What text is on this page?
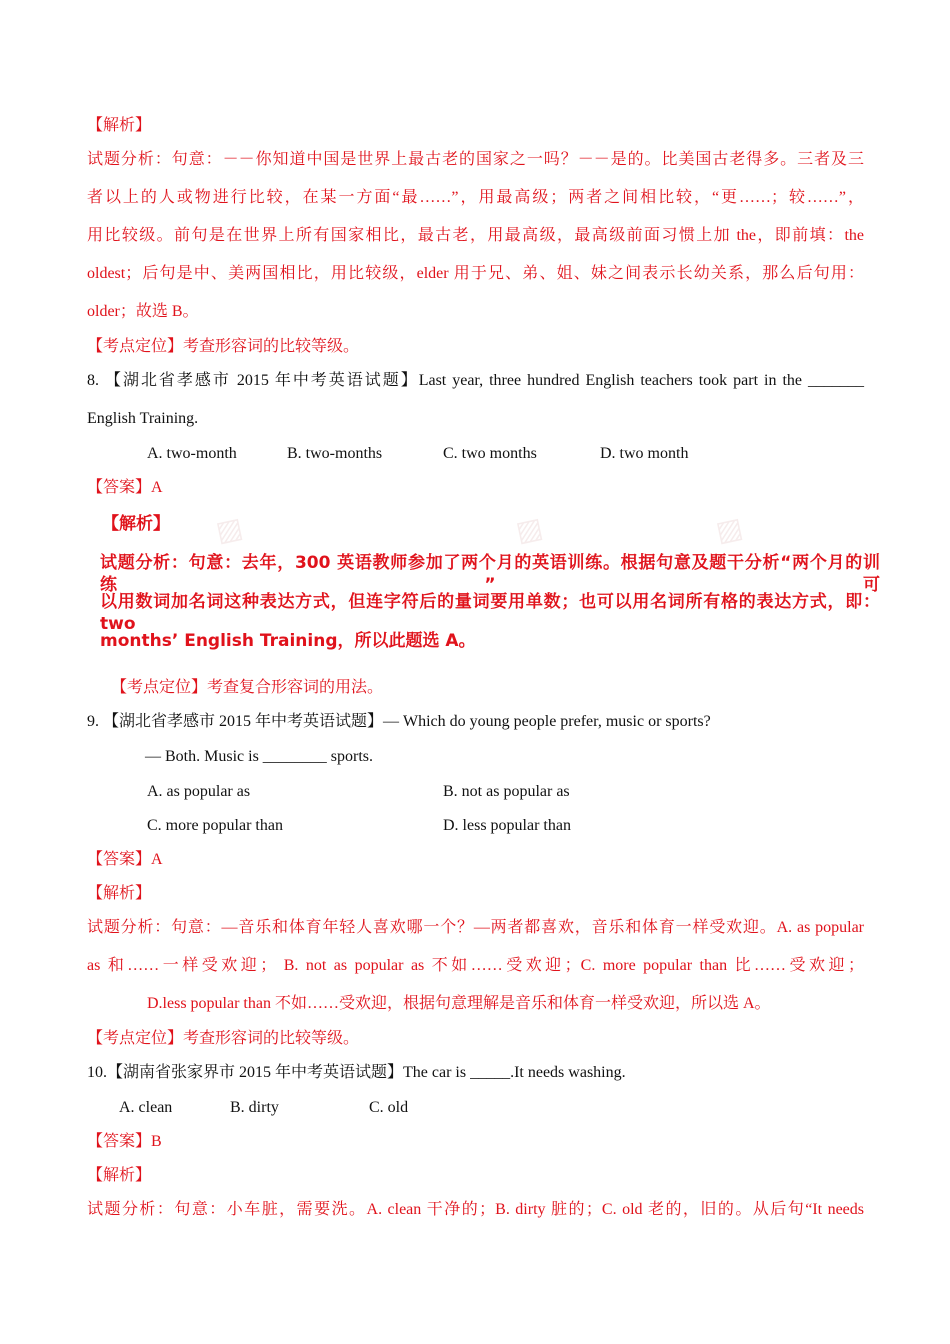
【解析】
试题分析：句意：－－你知道中国是世界上最古老的国家之一吗？－－是的。比美国古老得多。三者及三
者以上的人或物进行比较，在某一方面“最……”，用最高级；两者之间相比较，“更……；较……”，
用比较级。前句是在世界上所有国家相比，最古老，用最高级，最高级前面习惯上加 the，即前填：the
oldest；后句是中、美两国相比，用比较级，elder 用于兄、弟、姐、妹之间表示长幼关系，那么后句用：
older；故选 B。
【考点定位】考查形容词的比较等级。
8. 【湖北省孝感市 2015 年中考英语试题】Last year, three hundred English teachers took part in the _______
English Training.
A. two-month	B. two-months	C. two months	D. two month
【答案】A
▨	▨	▨
【解析】
试题分析：句意：去年，300 英语教师参加了两个月的英语训练。根据句意及题干分析“两个月的训练”可
以用数词加名词这种表达方式，但连字符后的量词要用单数；也可以用名词所有格的表达方式，即：two
months’ English Training，所以此题选 A。
【考点定位】考查复合形容词的用法。
9. 【湖北省孝感市 2015 年中考英语试题】— Which do young people prefer, music or sports?
— Both. Music is ________ sports.
A. as popular as	B. not as popular as
C. more popular than	D. less popular than
【答案】A
【解析】
试题分析：句意：—音乐和体育年轻人喜欢哪一个？—两者都喜欢，音乐和体育一样受欢迎。A. as popular
as 和……一样受欢迎； B. not as popular as 不如……受欢迎；C. more popular than 比……受欢迎；
D.less popular than 不如……受欢迎，根据句意理解是音乐和体育一样受欢迎，所以选 A。
【考点定位】考查形容词的比较等级。
10.【湖南省张家界市 2015 年中考英语试题】The car is _____.It needs washing.
A. clean	B. dirty	C. old
【答案】B
【解析】
试题分析：句意：小车脏，需要洗。A. clean 干净的；B. dirty 脏的；C. old 老的，旧的。从后句“It needs
